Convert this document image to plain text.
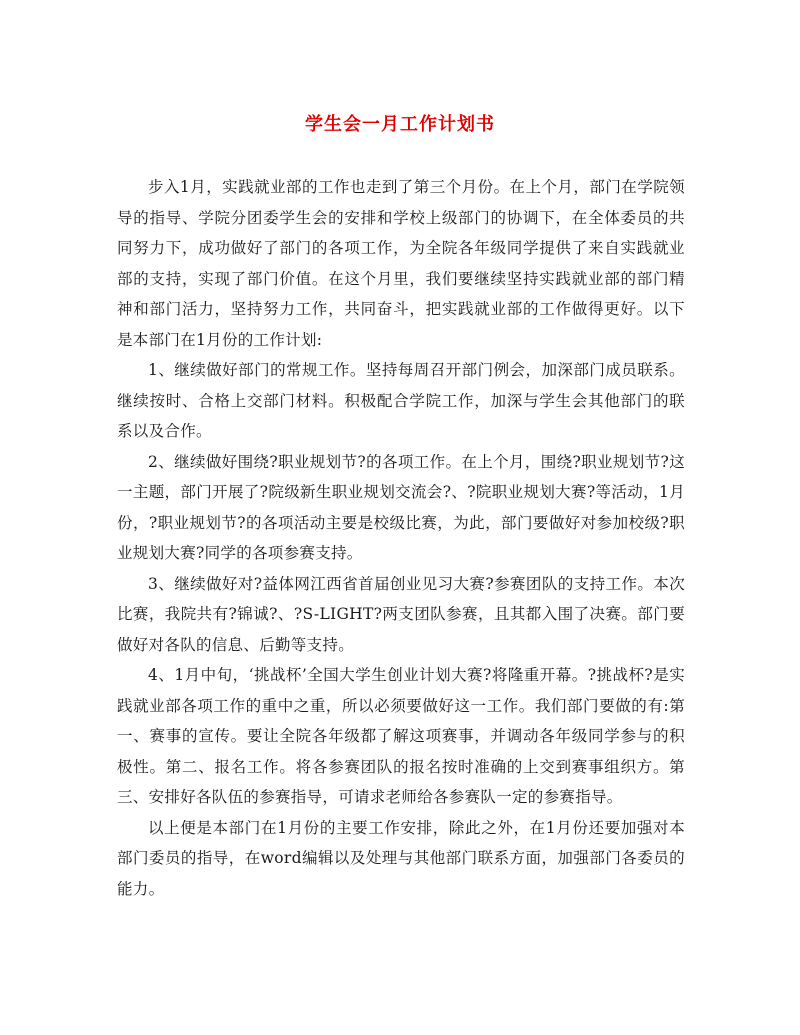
学生会一月工作计划书

步入1月，实践就业部的工作也走到了第三个月份。在上个月，部门在学院领导的指导、学院分团委学生会的安排和学校上级部门的协调下，在全体委员的共同努力下，成功做好了部门的各项工作，为全院各年级同学提供了来自实践就业部的支持，实现了部门价值。在这个月里，我们要继续坚持实践就业部的部门精神和部门活力，坚持努力工作，共同奋斗，把实践就业部的工作做得更好。以下是本部门在1月份的工作计划:

1、继续做好部门的常规工作。坚持每周召开部门例会，加深部门成员联系。继续按时、合格上交部门材料。积极配合学院工作，加深与学生会其他部门的联系以及合作。

2、继续做好围绕?职业规划节?的各项工作。在上个月，围绕?职业规划节?这一主题，部门开展了?院级新生职业规划交流会?、?院职业规划大赛?等活动，1月份，?职业规划节?的各项活动主要是校级比赛，为此，部门要做好对参加校级?职业规划大赛?同学的各项参赛支持。

3、继续做好对?益体网江西省首届创业见习大赛?参赛团队的支持工作。本次比赛，我院共有?锦诚?、?S-LIGHT?两支团队参赛，且其都入围了决赛。部门要做好对各队的信息、后勤等支持。

4、1月中旬，‘挑战杯’全国大学生创业计划大赛?将隆重开幕。?挑战杯?是实践就业部各项工作的重中之重，所以必须要做好这一工作。我们部门要做的有:第一、赛事的宣传。要让全院各年级都了解这项赛事，并调动各年级同学参与的积极性。第二、报名工作。将各参赛团队的报名按时准确的上交到赛事组织方。第三、安排好各队伍的参赛指导，可请求老师给各参赛队一定的参赛指导。

以上便是本部门在1月份的主要工作安排，除此之外，在1月份还要加强对本部门委员的指导，在word编辑以及处理与其他部门联系方面，加强部门各委员的能力。
